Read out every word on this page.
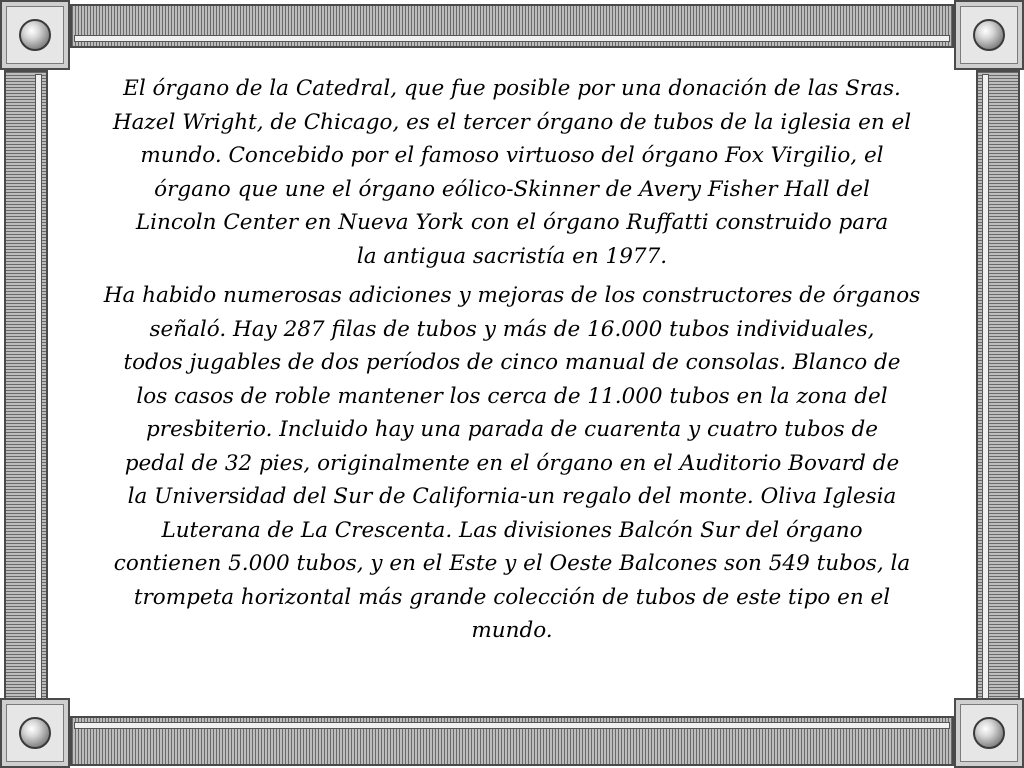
El órgano de la Catedral, que fue posible por una donación de las Sras.
Hazel Wright, de Chicago, es el tercer órgano de tubos de la iglesia en el
mundo. Concebido por el famoso virtuoso del órgano Fox Virgilio, el
órgano que une el órgano eólico-Skinner de Avery Fisher Hall del
Lincoln Center en Nueva York con el órgano Ruffatti construido para
la antigua sacristía en 1977.

Ha habido numerosas adiciones y mejoras de los constructores de órganos
señaló. Hay 287 filas de tubos y más de 16.000 tubos individuales,
todos jugables de dos períodos de cinco manual de consolas. Blanco de
los casos de roble mantener los cerca de 11.000 tubos en la zona del
presbiterio. Incluido hay una parada de cuarenta y cuatro tubos de
pedal de 32 pies, originalmente en el órgano en el Auditorio Bovard de
la Universidad del Sur de California-un regalo del monte. Oliva Iglesia
Luterana de La Crescenta. Las divisiones Balcón Sur del órgano
contienen 5.000 tubos, y en el Este y el Oeste Balcones son 549 tubos, la
trompeta horizontal más grande colección de tubos de este tipo en el
mundo.
